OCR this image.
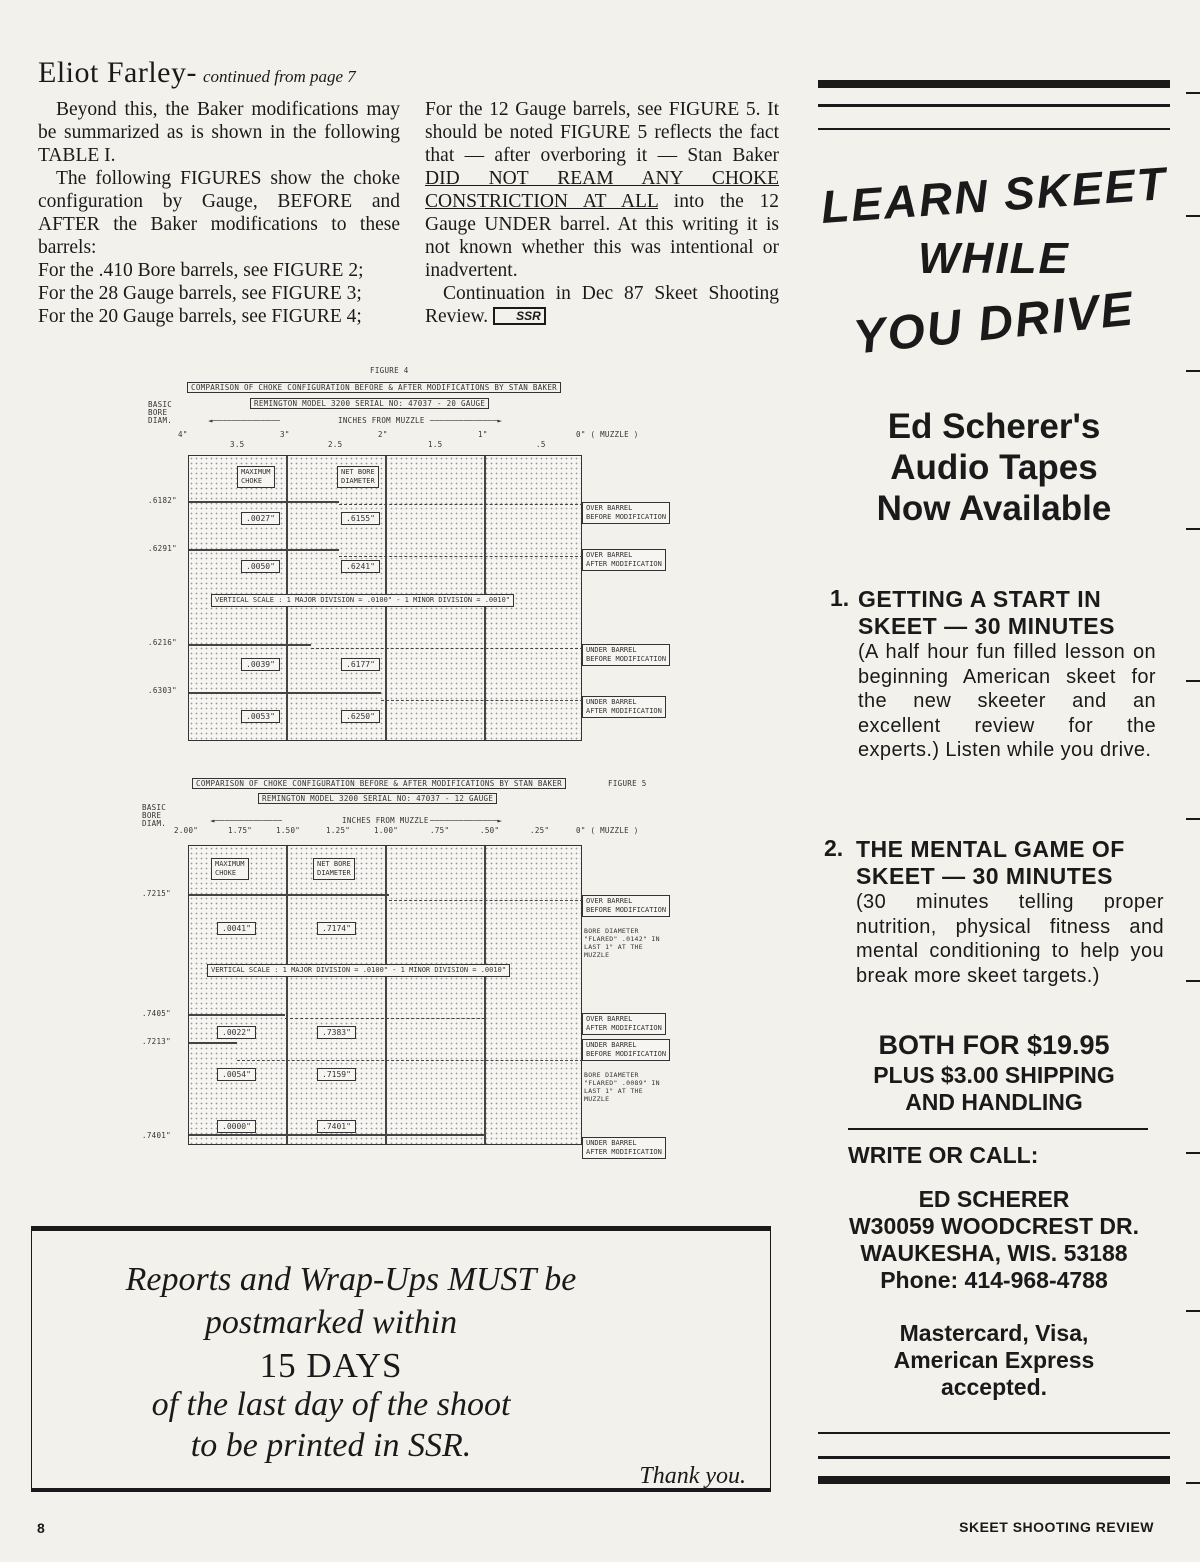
Eliot Farley- continued from page 7

Beyond this, the Baker modifications may be summarized as is shown in the following TABLE I.

The following FIGURES show the choke configuration by Gauge, BEFORE and AFTER the Baker modifications to these barrels:

For the .410 Bore barrels, see FIGURE 2;

For the 28 Gauge barrels, see FIGURE 3;

For the 20 Gauge barrels, see FIGURE 4;

For the 12 Gauge barrels, see FIGURE 5. It should be noted FIGURE 5 reflects the fact that — after overboring it — Stan Baker DID NOT REAM ANY CHOKE CONSTRICTION AT ALL into the 12 Gauge UNDER barrel. At this writing it is not known whether this was intentional or inadvertent.

Continuation in Dec 87 Skeet Shooting Review. SSR

FIGURE 4
COMPARISON OF CHOKE CONFIGURATION BEFORE & AFTER MODIFICATIONS BY STAN BAKER
REMINGTON MODEL 3200 SERIAL NO: 47037 - 20 GAUGE
BASIC
BORE
DIAM.	◄──────────────	INCHES FROM MUZZLE ──────────────►
4"
3.5
3"
2.5
2"
1.5
1"
.5
0" ( MUZZLE )
MAXIMUM
CHOKE
NET BORE
DIAMETER
.0027"	.6155"
.0050"	.6241"
VERTICAL SCALE : 1 MAJOR DIVISION = .0100" - 1 MINOR DIVISION = .0010"
.0039"	.6177"
.0053"	.6250"
.6182"
.6291"
.6216"
.6303"
OVER BARREL
BEFORE MODIFICATION
OVER BARREL
AFTER MODIFICATION
UNDER BARREL
BEFORE MODIFICATION
UNDER BARREL
AFTER MODIFICATION
COMPARISON OF CHOKE CONFIGURATION BEFORE & AFTER MODIFICATIONS BY STAN BAKER	FIGURE 5
REMINGTON MODEL 3200 SERIAL NO: 47037 - 12 GAUGE
BASIC
BORE
DIAM.	◄──────────────	INCHES FROM MUZZLE ──────────────►
2.00"	1.75"	1.50"	1.25"	1.00"	.75"	.50"	.25"	0" ( MUZZLE )
MAXIMUM
CHOKE
NET BORE
DIAMETER
.0041"	.7174"
VERTICAL SCALE : 1 MAJOR DIVISION = .0100" - 1 MINOR DIVISION = .0010"
.0022"	.7383"
.0054"	.7159"
.0000"	.7401"
.7215"
.7405"
.7213"
.7401"
OVER BARREL
BEFORE MODIFICATION
BORE DIAMETER
"FLARED" .0142" IN
LAST 1" AT THE
MUZZLE
OVER BARREL
AFTER MODIFICATION
UNDER BARREL
BEFORE MODIFICATION
BORE DIAMETER
"FLARED" .0089" IN
LAST 1" AT THE
MUZZLE
UNDER BARREL
AFTER MODIFICATION
Reports and Wrap-Ups MUST be
postmarked within
15 DAYS
of the last day of the shoot
to be printed in SSR.
Thank you.
LEARN SKEET
WHILE
YOU DRIVE
Ed Scherer's
Audio Tapes
Now Available
1. GETTING A START IN SKEET — 30 MINUTES
(A half hour fun filled lesson on beginning American skeet for the new skeeter and an excellent review for the experts.) Listen while you drive.
2. THE MENTAL GAME OF SKEET — 30 MINUTES
(30 minutes telling proper nutrition, physical fitness and mental conditioning to help you break more skeet targets.)
BOTH FOR $19.95
PLUS $3.00 SHIPPING
AND HANDLING
WRITE OR CALL:
ED SCHERER
W30059 WOODCREST DR.
WAUKESHA, WIS. 53188
Phone: 414-968-4788
Mastercard, Visa,
American Express
accepted.
8	SKEET SHOOTING REVIEW
